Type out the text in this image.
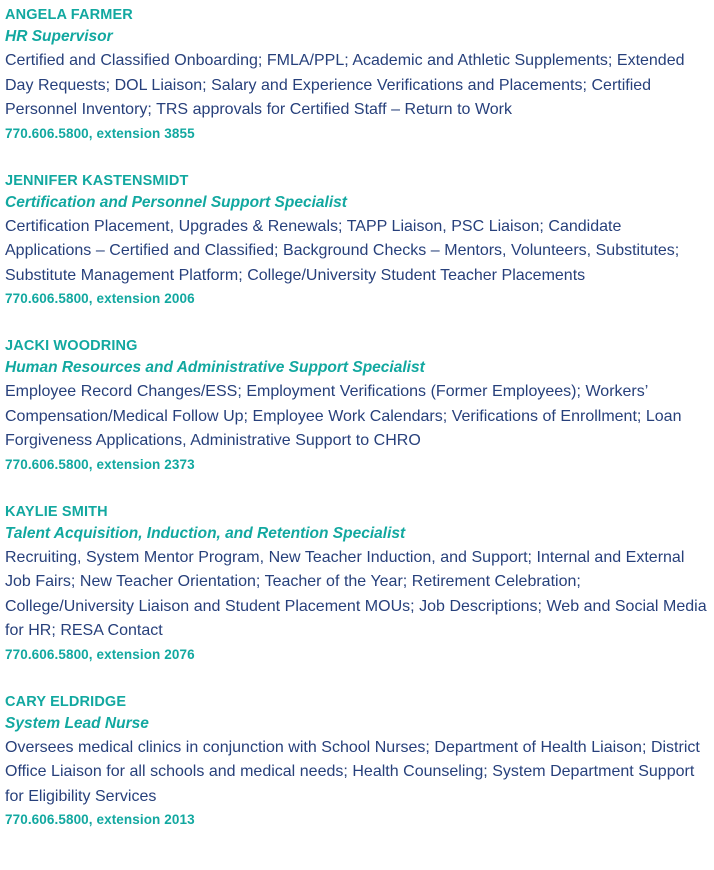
ANGELA FARMER
HR Supervisor
Certified and Classified Onboarding; FMLA/PPL; Academic and Athletic Supplements; Extended Day Requests; DOL Liaison; Salary and Experience Verifications and Placements; Certified Personnel Inventory; TRS approvals for Certified Staff – Return to Work
770.606.5800, extension 3855
JENNIFER KASTENSMIDT
Certification and Personnel Support Specialist
Certification Placement, Upgrades & Renewals; TAPP Liaison, PSC Liaison; Candidate Applications – Certified and Classified; Background Checks – Mentors, Volunteers, Substitutes; Substitute Management Platform; College/University Student Teacher Placements
770.606.5800, extension 2006
JACKI WOODRING
Human Resources and Administrative Support Specialist
Employee Record Changes/ESS; Employment Verifications (Former Employees); Workers’ Compensation/Medical Follow Up; Employee Work Calendars; Verifications of Enrollment; Loan Forgiveness Applications, Administrative Support to CHRO
770.606.5800, extension 2373
KAYLIE SMITH
Talent Acquisition, Induction, and Retention Specialist
Recruiting, System Mentor Program, New Teacher Induction, and Support; Internal and External Job Fairs; New Teacher Orientation; Teacher of the Year; Retirement Celebration; College/University Liaison and Student Placement MOUs; Job Descriptions; Web and Social Media for HR; RESA Contact
770.606.5800, extension 2076
CARY ELDRIDGE
System Lead Nurse
Oversees medical clinics in conjunction with School Nurses; Department of Health Liaison; District Office Liaison for all schools and medical needs; Health Counseling; System Department Support for Eligibility Services
770.606.5800, extension 2013
